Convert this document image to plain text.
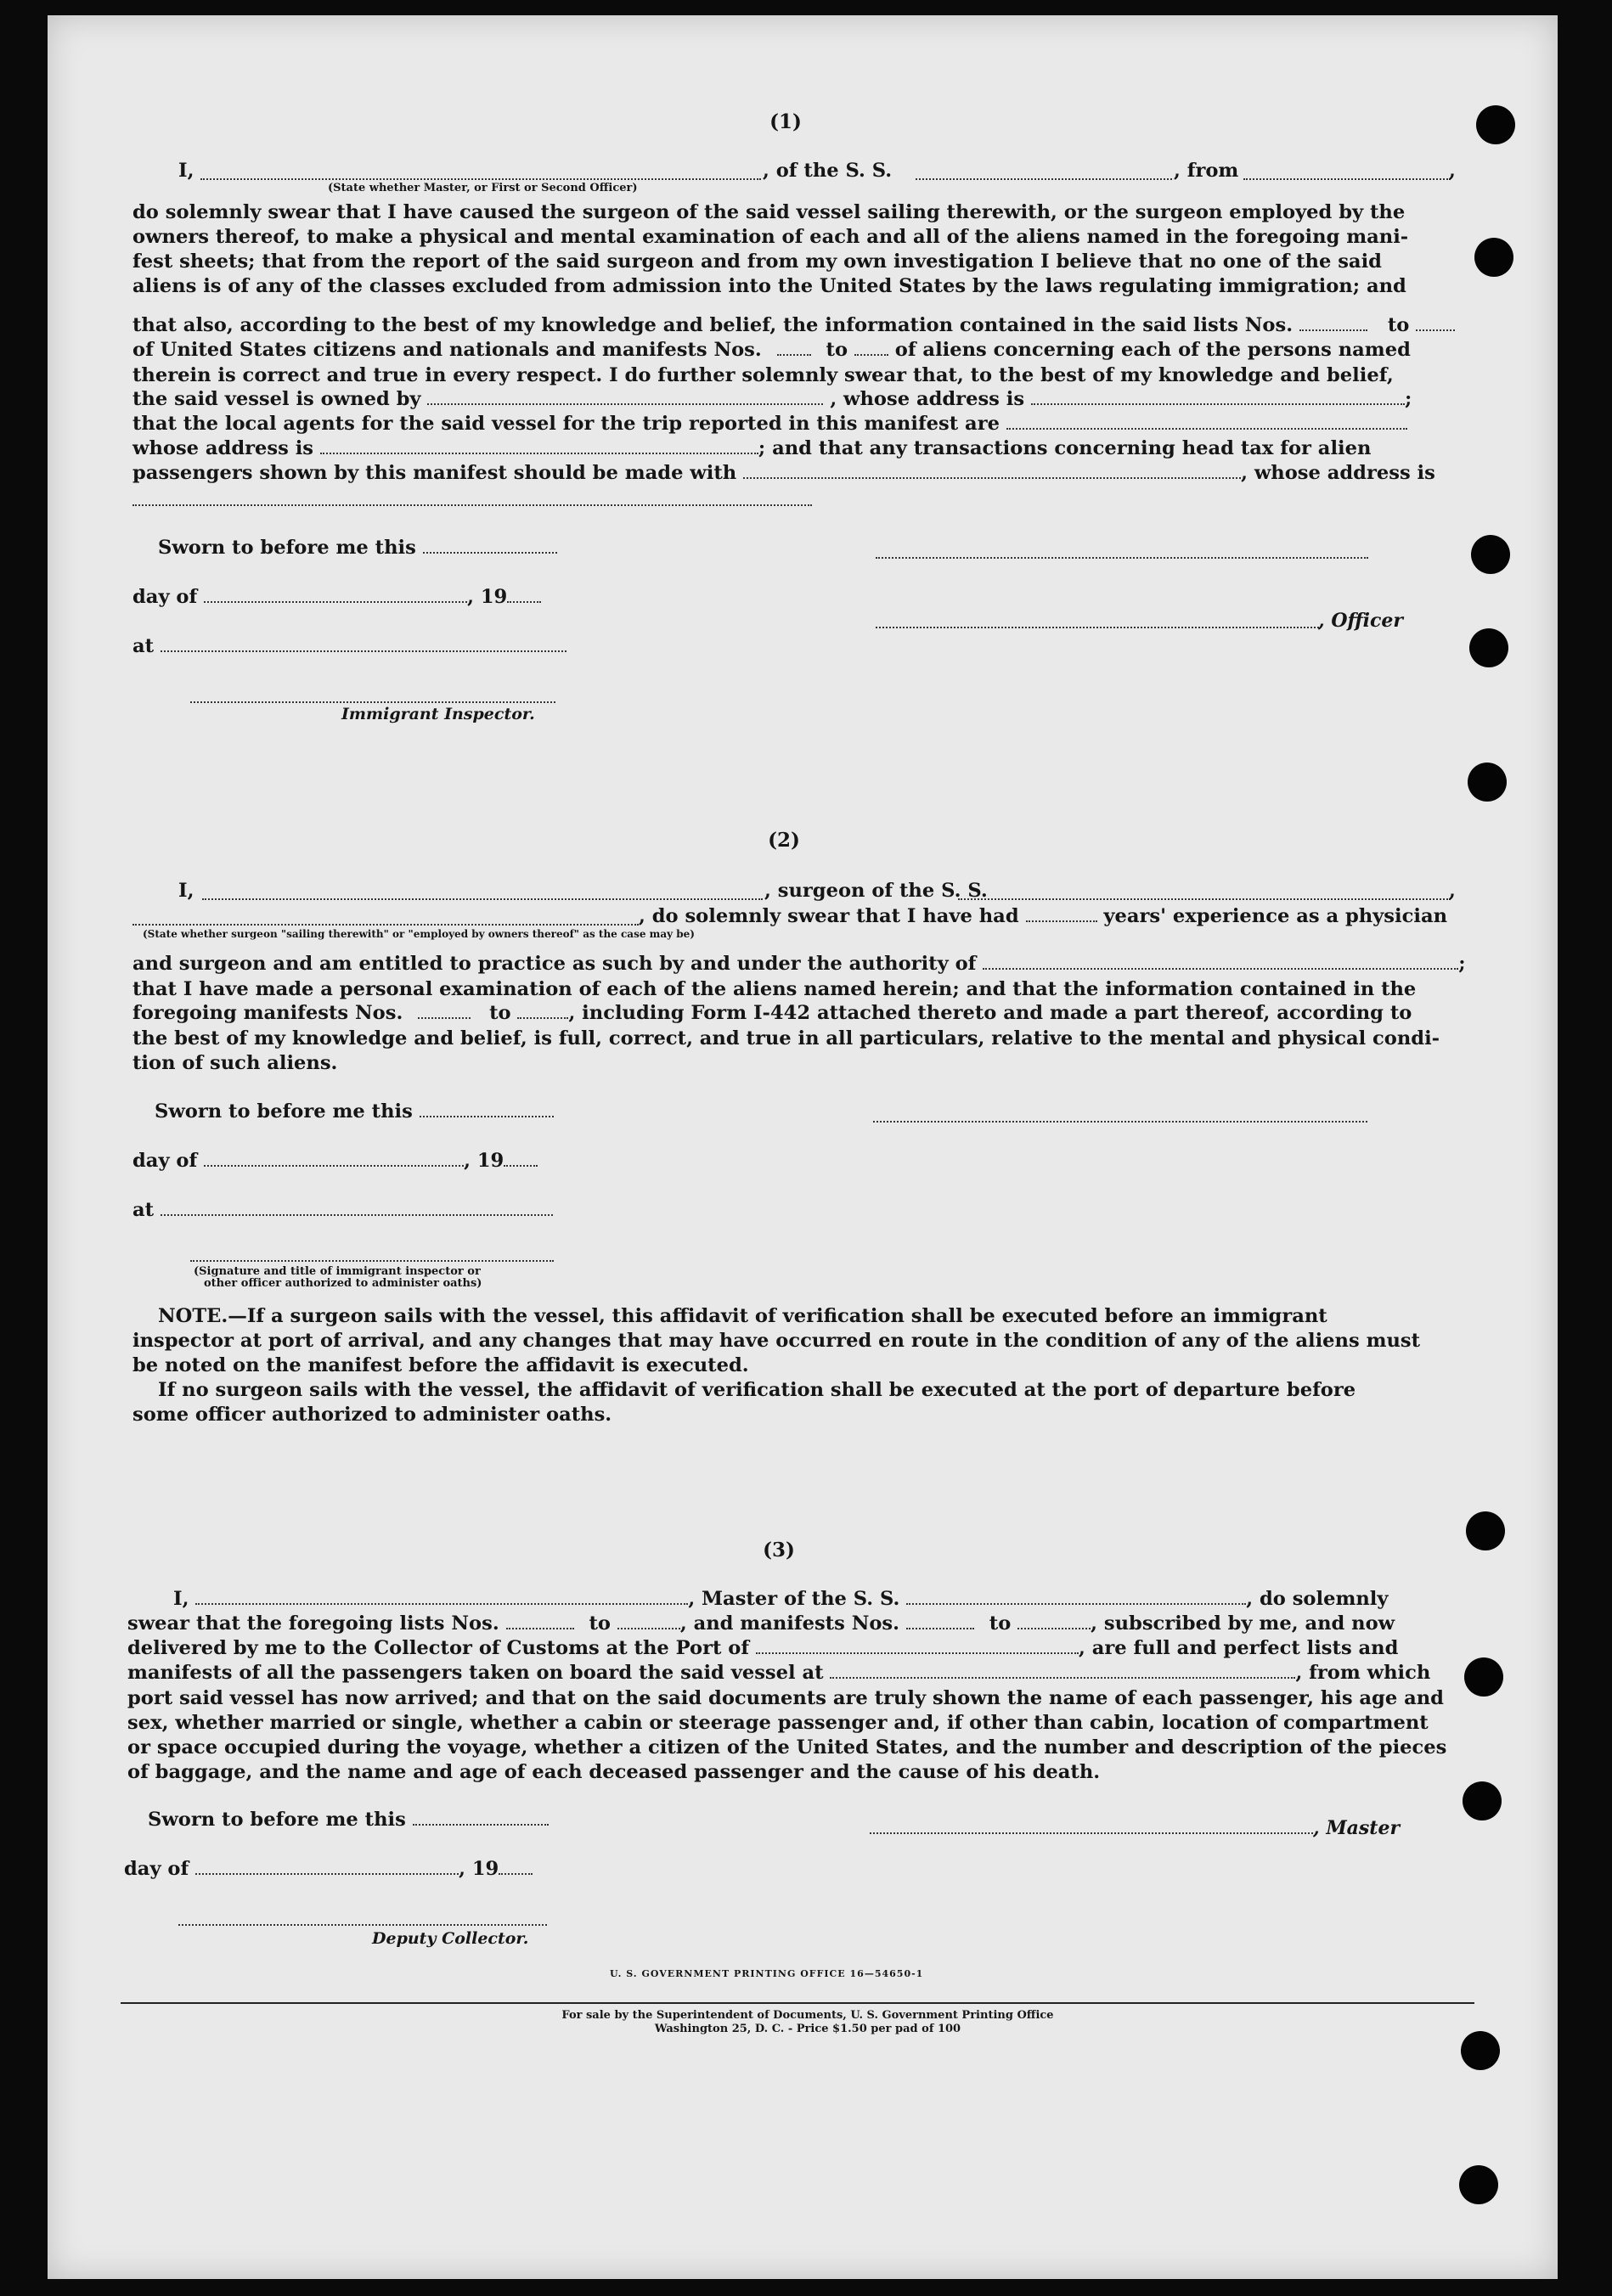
(1)
I,	, of the S. S.	, from	,
(State whether Master, or First or Second Officer)
do solemnly swear that I have caused the surgeon of the said vessel sailing therewith, or the surgeon employed by the
owners thereof, to make a physical and mental examination of each and all of the aliens named in the foregoing mani-
fest sheets; that from the report of the said surgeon and from my own investigation I believe that no one of the said
aliens is of any of the classes excluded from admission into the United States by the laws regulating immigration; and
that also, according to the best of my knowledge and belief, the information contained in the said lists Nos.	to
of United States citizens and nationals and manifests Nos.	to of aliens concerning each of the persons named
therein is correct and true in every respect. I do further solemnly swear that, to the best of my knowledge and belief,
the said vessel is owned by	, whose address is	;
that the local agents for the said vessel for the trip reported in this manifest are
whose address is	; and that any transactions concerning head tax for alien
passengers shown by this manifest should be made with	, whose address is
Sworn to before me this
day of	, 19
, Officer
at
Immigrant Inspector.
(2)
I,	, surgeon of the S. S.	,
, do solemnly swear that I have had	years' experience as a physician
(State whether surgeon "sailing therewith" or "employed by owners thereof" as the case may be)
and surgeon and am entitled to practice as such by and under the authority of	;
that I have made a personal examination of each of the aliens named herein; and that the information contained in the
foregoing manifests Nos.	to	, including Form I-442 attached thereto and made a part thereof, according to
the best of my knowledge and belief, is full, correct, and true in all particulars, relative to the mental and physical condi-
tion of such aliens.
Sworn to before me this
day of	, 19
at
(Signature and title of immigrant inspector or
other officer authorized to administer oaths)
NOTE.—If a surgeon sails with the vessel, this affidavit of verification shall be executed before an immigrant
inspector at port of arrival, and any changes that may have occurred en route in the condition of any of the aliens must
be noted on the manifest before the affidavit is executed.
If no surgeon sails with the vessel, the affidavit of verification shall be executed at the port of departure before
some officer authorized to administer oaths.
(3)
I,	, Master of the S. S.	, do solemnly
swear that the foregoing lists Nos.	to	, and manifests Nos.	to	, subscribed by me, and now
delivered by me to the Collector of Customs at the Port of	, are full and perfect lists and
manifests of all the passengers taken on board the said vessel at	, from which
port said vessel has now arrived; and that on the said documents are truly shown the name of each passenger, his age and
sex, whether married or single, whether a cabin or steerage passenger and, if other than cabin, location of compartment
or space occupied during the voyage, whether a citizen of the United States, and the number and description of the pieces
of baggage, and the name and age of each deceased passenger and the cause of his death.
Sworn to before me this	, Master
day of	, 19
Deputy Collector.
U. S. GOVERNMENT PRINTING OFFICE 16—54650-1
For sale by the Superintendent of Documents, U. S. Government Printing Office
Washington 25, D. C. - Price $1.50 per pad of 100
